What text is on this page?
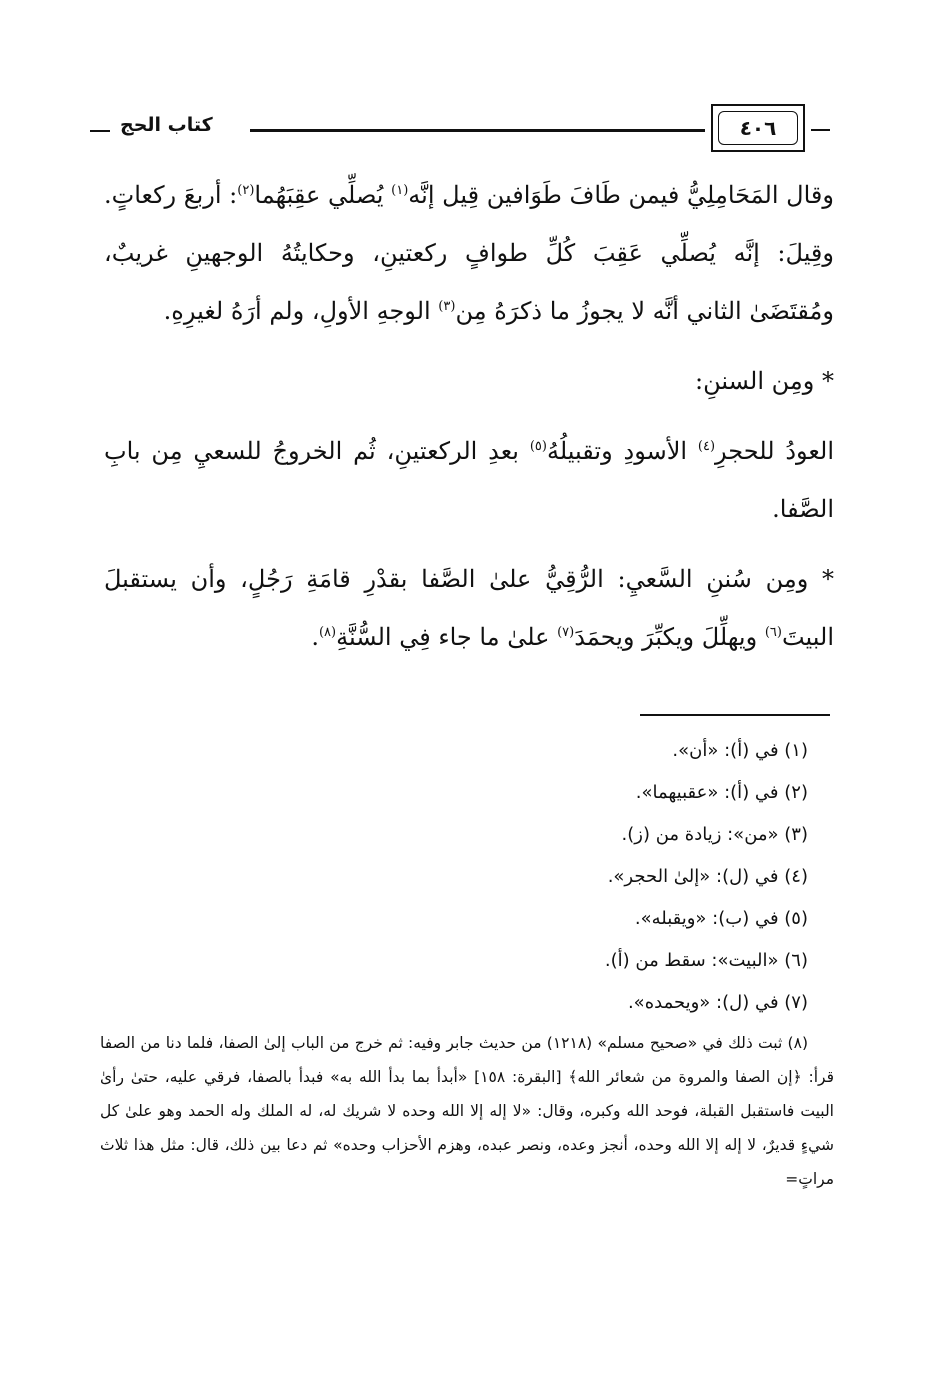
كتاب الحج	٤٠٦

وقال المَحَامِلِيُّ فيمن طَافَ طَوَافين قِيل إنَّه$^{(١)}$ يُصلِّي عقِبَهُما$^{(٢)}$: أربعَ ركعاتٍ. وقِيلَ: إنَّه يُصلِّي عَقِبَ كُلِّ طوافٍ ركعتينِ، وحكايتُهُ الوجهينِ غريبٌ، ومُقتَضَىٰ الثاني أنَّه لا يجوزُ ما ذكرَهُ مِن$^{(٣)}$ الوجهِ الأولِ، ولم أرَهُ لغيرِهِ.

* ومِن السننِ:

العودُ للحجرِ$^{(٤)}$ الأسودِ وتقبيلُهُ$^{(٥)}$ بعدِ الركعتينِ، ثُم الخروجُ للسعيِ مِن بابِ الصَّفا.

* ومِن سُننِ السَّعيِ: الرُّقِيُّ علىٰ الصَّفا بقدْرِ قامَةِ رَجُلٍ، وأن يستقبلَ البيتَ$^{(٦)}$ ويهلِّلَ ويكبِّرَ ويحمَدَ$^{(٧)}$ علىٰ ما جاء فِي السُّنَّةِ$^{(٨)}$.

(١) في (أ): «أن».
(٢) في (أ): «عقبيهما».
(٣) «من»: زيادة من (ز).
(٤) في (ل): «إلىٰ الحجر».
(٥) في (ب): «ويقبله».
(٦) «البيت»: سقط من (أ).
(٧) في (ل): «ويحمده».
(٨) ثبت ذلك في «صحيح مسلم» (١٢١٨) من حديث جابر وفيه: ثم خرج من الباب إلىٰ الصفا، فلما دنا من الصفا قرأ: ﴿إن الصفا والمروة من شعائر الله﴾ [البقرة: ١٥٨] «أبدأ بما بدأ الله به» فبدأ بالصفا، فرقي عليه، حتىٰ رأىٰ البيت فاستقبل القبلة، فوحد الله وكبره، وقال: «لا إله إلا الله وحده لا شريك له، له الملك وله الحمد وهو علىٰ كل شيءٍ قديرٌ، لا إله إلا الله وحده، أنجز وعده، ونصر عبده، وهزم الأحزاب وحده» ثم دعا بين ذلك، قال: مثل هذا ثلاث مراتٍ=
